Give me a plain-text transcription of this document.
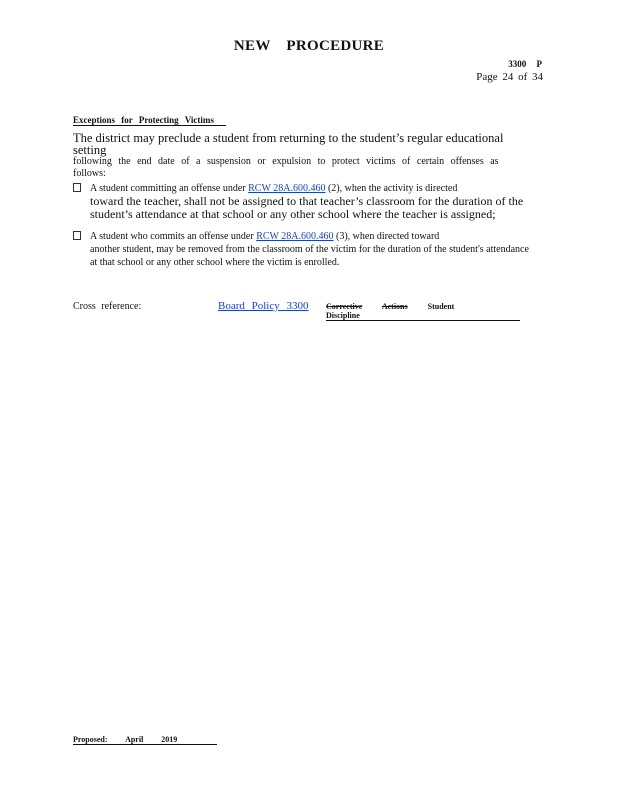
NEW PROCEDURE
3300 P
Page 24 of 34
Exceptions for Protecting Victims
The district may preclude a student from returning to the student’s regular educational setting
following the end date of a suspension or expulsion to protect victims of certain offenses as follows:
A student committing an offense under RCW 28A.600.460 (2), when the activity is directed
toward the teacher, shall not be assigned to that teacher’s classroom for the duration of the student’s attendance at that school or any other school where the teacher is assigned;
A student who commits an offense under RCW 28A.600.460 (3), when directed toward
another student, may be removed from the classroom of the victim for the duration of the student's attendance at that school or any other school where the victim is enrolled.
Cross reference:	Board Policy 3300 Corrective Actions	Student Discipline
Proposed: April 2019
